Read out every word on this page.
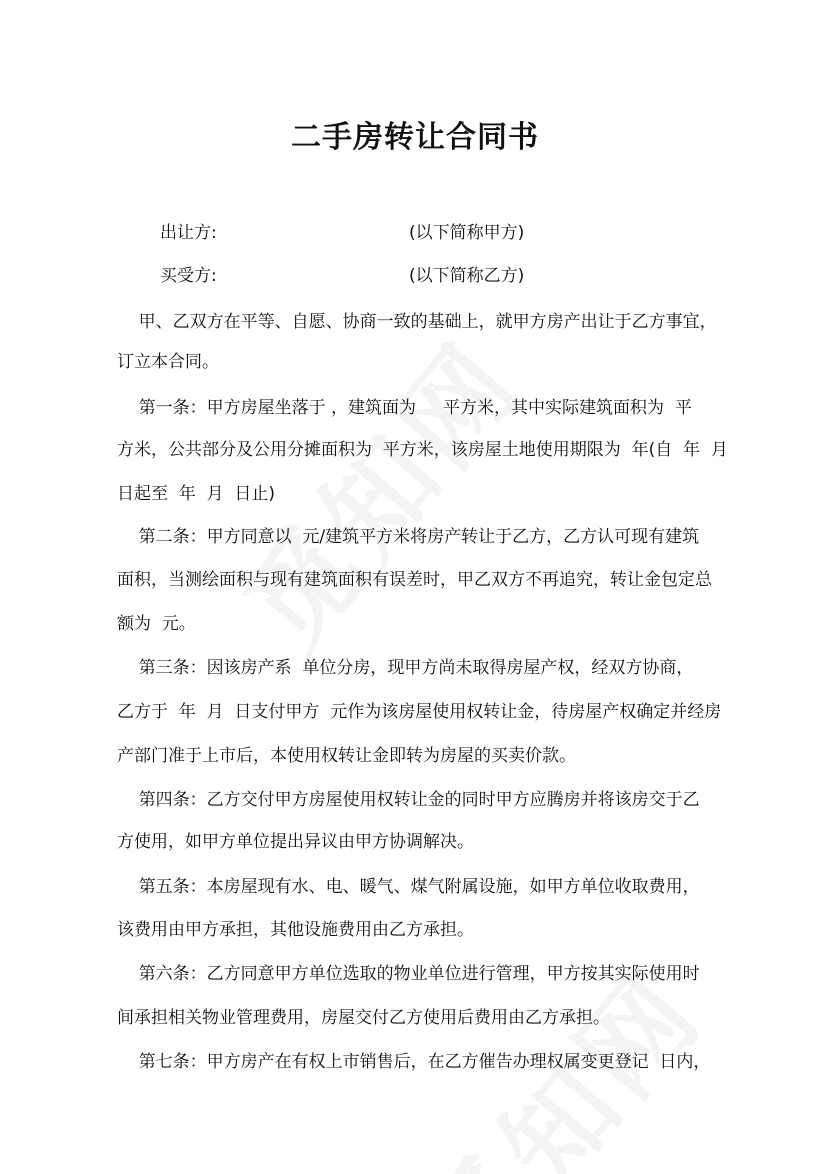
二手房转让合同书
出让方:	(以下简称甲方)
买受方:	(以下简称乙方)
甲、乙双方在平等、自愿、协商一致的基础上，就甲方房产出让于乙方事宜，
订立本合同。
第一条：甲方房屋坐落于 ，建筑面为     平方米，其中实际建筑面积为  平
方米，公共部分及公用分摊面积为  平方米，该房屋土地使用期限为  年(自  年  月
日起至  年  月  日止)
第二条：甲方同意以  元/建筑平方米将房产转让于乙方，乙方认可现有建筑
面积，当测绘面积与现有建筑面积有误差时，甲乙双方不再追究，转让金包定总
额为  元。
第三条：因该房产系  单位分房，现甲方尚未取得房屋产权，经双方协商，
乙方于  年  月  日支付甲方  元作为该房屋使用权转让金，待房屋产权确定并经房
产部门准于上市后，本使用权转让金即转为房屋的买卖价款。
第四条：乙方交付甲方房屋使用权转让金的同时甲方应腾房并将该房交于乙
方使用，如甲方单位提出异议由甲方协调解决。
第五条：本房屋现有水、电、暖气、煤气附属设施，如甲方单位收取费用，
该费用由甲方承担，其他设施费用由乙方承担。
第六条：乙方同意甲方单位选取的物业单位进行管理，甲方按其实际使用时
间承担相关物业管理费用，房屋交付乙方使用后费用由乙方承担。
第七条：甲方房产在有权上市销售后，在乙方催告办理权属变更登记  日内，
